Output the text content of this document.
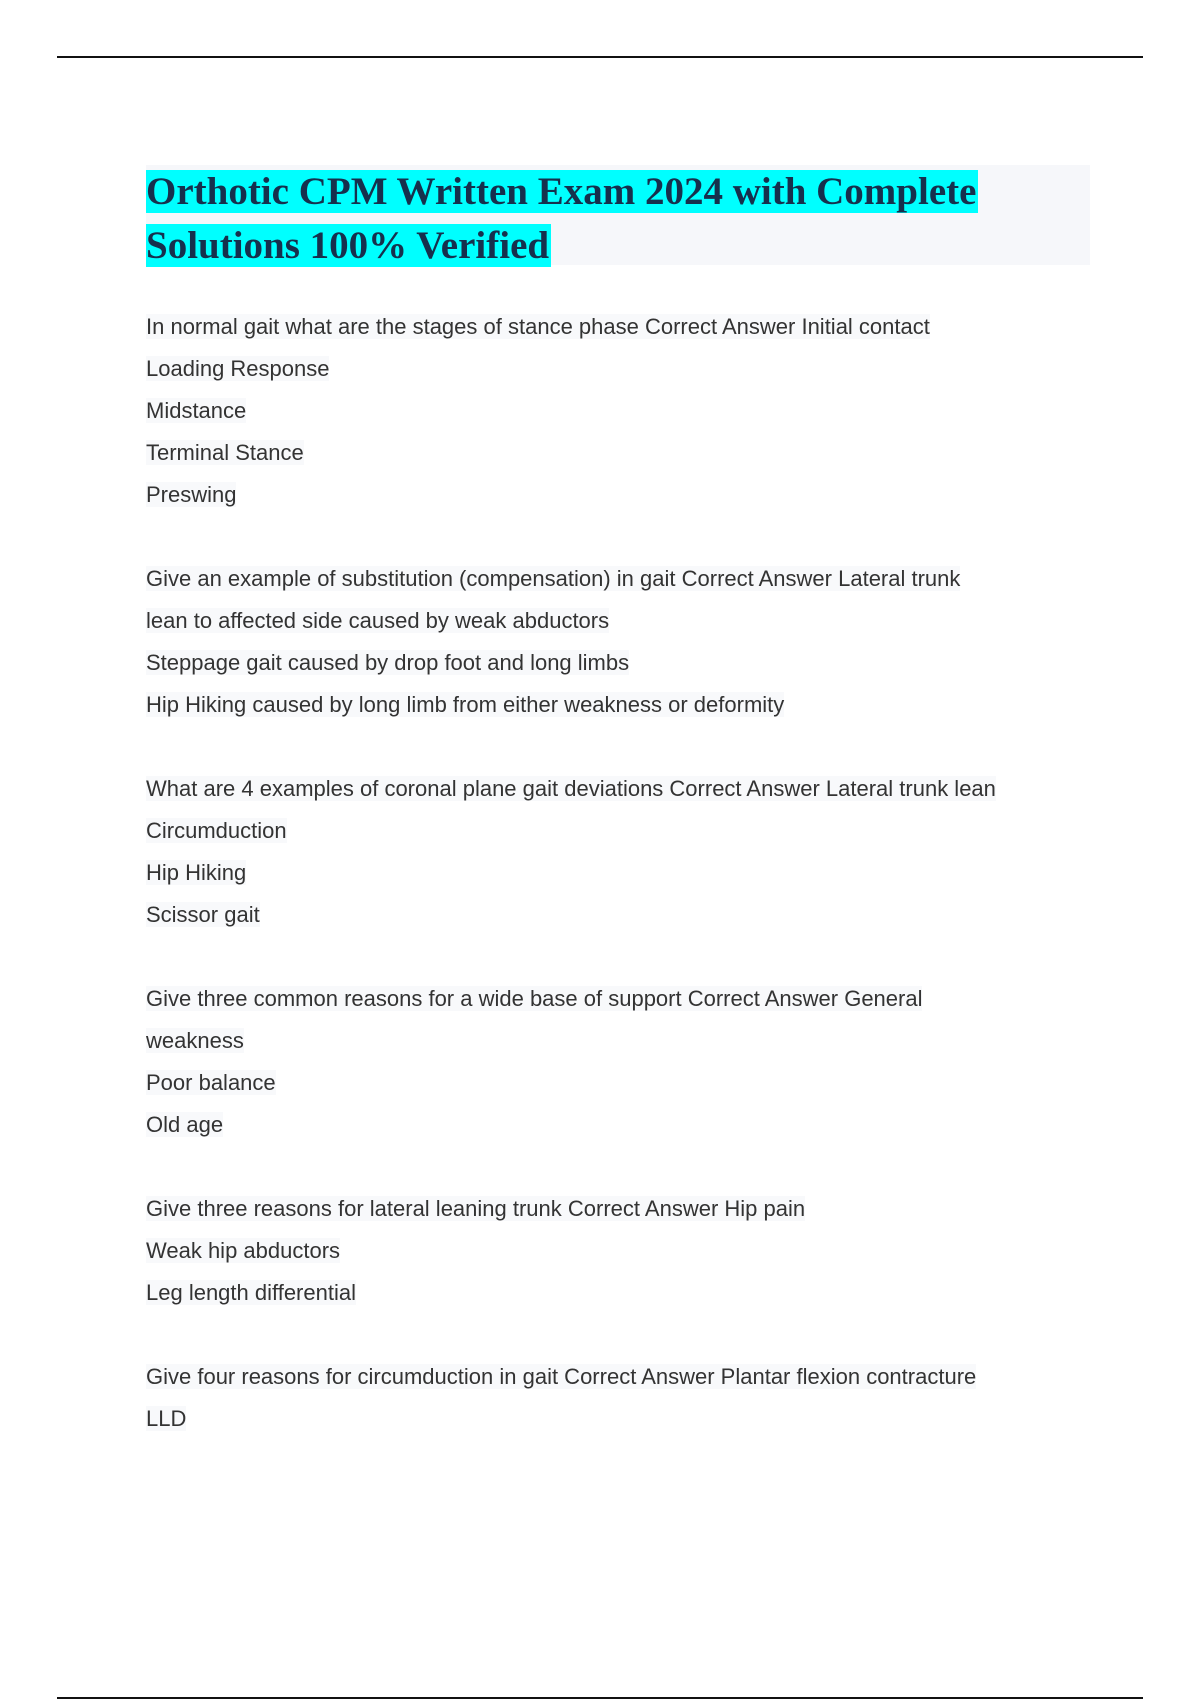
Orthotic CPM Written Exam 2024 with Complete
Solutions 100% Verified
In normal gait what are the stages of stance phase Correct Answer Initial contact
Loading Response
Midstance
Terminal Stance
Preswing
Give an example of substitution (compensation) in gait Correct Answer Lateral trunk
lean to affected side caused by weak abductors
Steppage gait caused by drop foot and long limbs
Hip Hiking caused by long limb from either weakness or deformity
What are 4 examples of coronal plane gait deviations Correct Answer Lateral trunk lean
Circumduction
Hip Hiking
Scissor gait
Give three common reasons for a wide base of support Correct Answer General
weakness
Poor balance
Old age
Give three reasons for lateral leaning trunk Correct Answer Hip pain
Weak hip abductors
Leg length differential
Give four reasons for circumduction in gait Correct Answer Plantar flexion contracture
LLD
